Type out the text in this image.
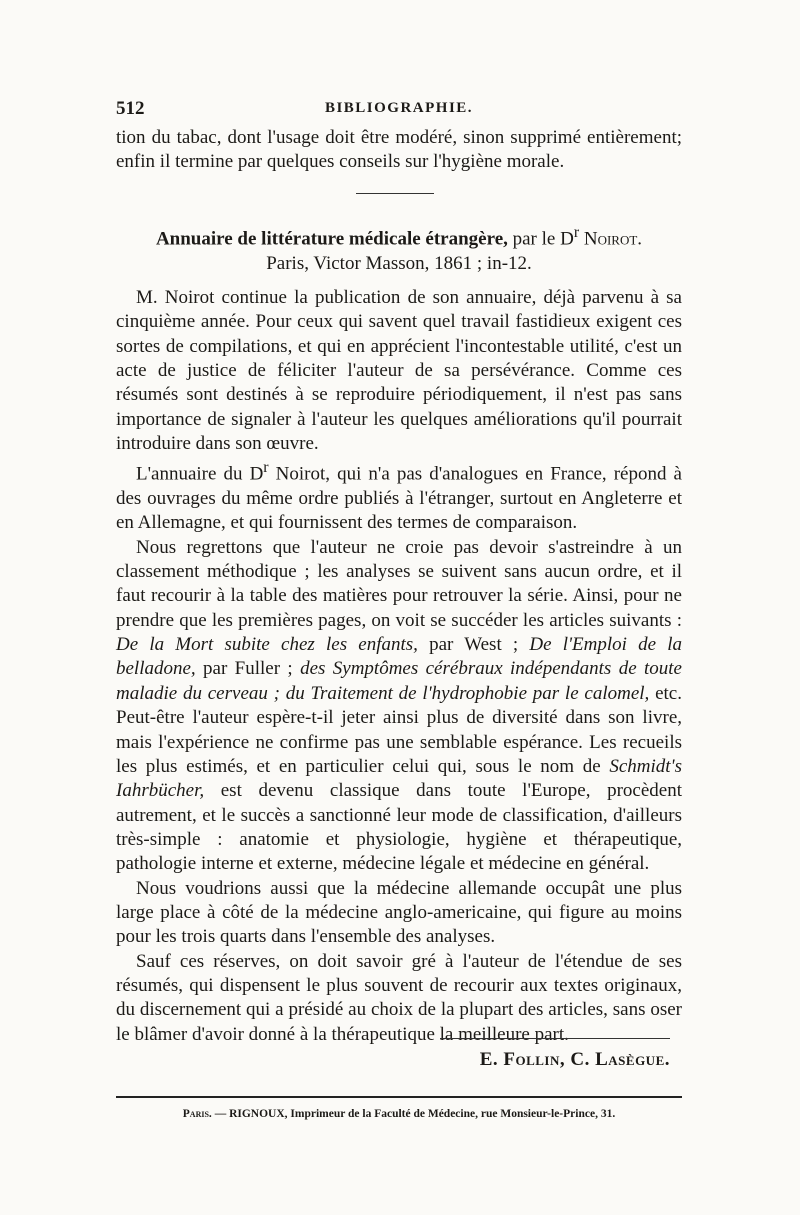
512	BIBLIOGRAPHIE.
tion du tabac, dont l'usage doit être modéré, sinon supprimé entièrement; enfin il termine par quelques conseils sur l'hygiène morale.
Annuaire de littérature médicale étrangère, par le $D^r$ Noirot.
Paris, Victor Masson, 1861 ; in-12.

M. Noirot continue la publication de son annuaire, déjà parvenu à sa cinquième année. Pour ceux qui savent quel travail fastidieux exigent ces sortes de compilations, et qui en apprécient l'incontestable utilité, c'est un acte de justice de féliciter l'auteur de sa persévérance. Comme ces résumés sont destinés à se reproduire périodiquement, il n'est pas sans importance de signaler à l'auteur les quelques améliorations qu'il pourrait introduire dans son œuvre.

L'annuaire du $D^r$ Noirot, qui n'a pas d'analogues en France, répond à des ouvrages du même ordre publiés à l'étranger, surtout en Angleterre et en Allemagne, et qui fournissent des termes de comparaison.

Nous regrettons que l'auteur ne croie pas devoir s'astreindre à un classement méthodique ; les analyses se suivent sans aucun ordre, et il faut recourir à la table des matières pour retrouver la série. Ainsi, pour ne prendre que les premières pages, on voit se succéder les articles suivants : De la Mort subite chez les enfants, par West ; De l'Emploi de la belladone, par Fuller ; des Symptômes cérébraux indépendants de toute maladie du cerveau ; du Traitement de l'hydrophobie par le calomel, etc. Peut-être l'auteur espère-t-il jeter ainsi plus de diversité dans son livre, mais l'expérience ne confirme pas une semblable espérance. Les recueils les plus estimés, et en particulier celui qui, sous le nom de Schmidt's Iahrbücher, est devenu classique dans toute l'Europe, procèdent autrement, et le succès a sanctionné leur mode de classification, d'ailleurs très-simple : anatomie et physiologie, hygiène et thérapeutique, pathologie interne et externe, médecine légale et médecine en général.

Nous voudrions aussi que la médecine allemande occupât une plus large place à côté de la médecine anglo-americaine, qui figure au moins pour les trois quarts dans l'ensemble des analyses.

Sauf ces réserves, on doit savoir gré à l'auteur de l'étendue de ses résumés, qui dispensent le plus souvent de recourir aux textes originaux, du discernement qui a présidé au choix de la plupart des articles, sans oser le blâmer d'avoir donné à la thérapeutique la meilleure part.

E. Follin, C. Lasègue.
Paris. — RIGNOUX, Imprimeur de la Faculté de Médecine, rue Monsieur-le-Prince, 31.
